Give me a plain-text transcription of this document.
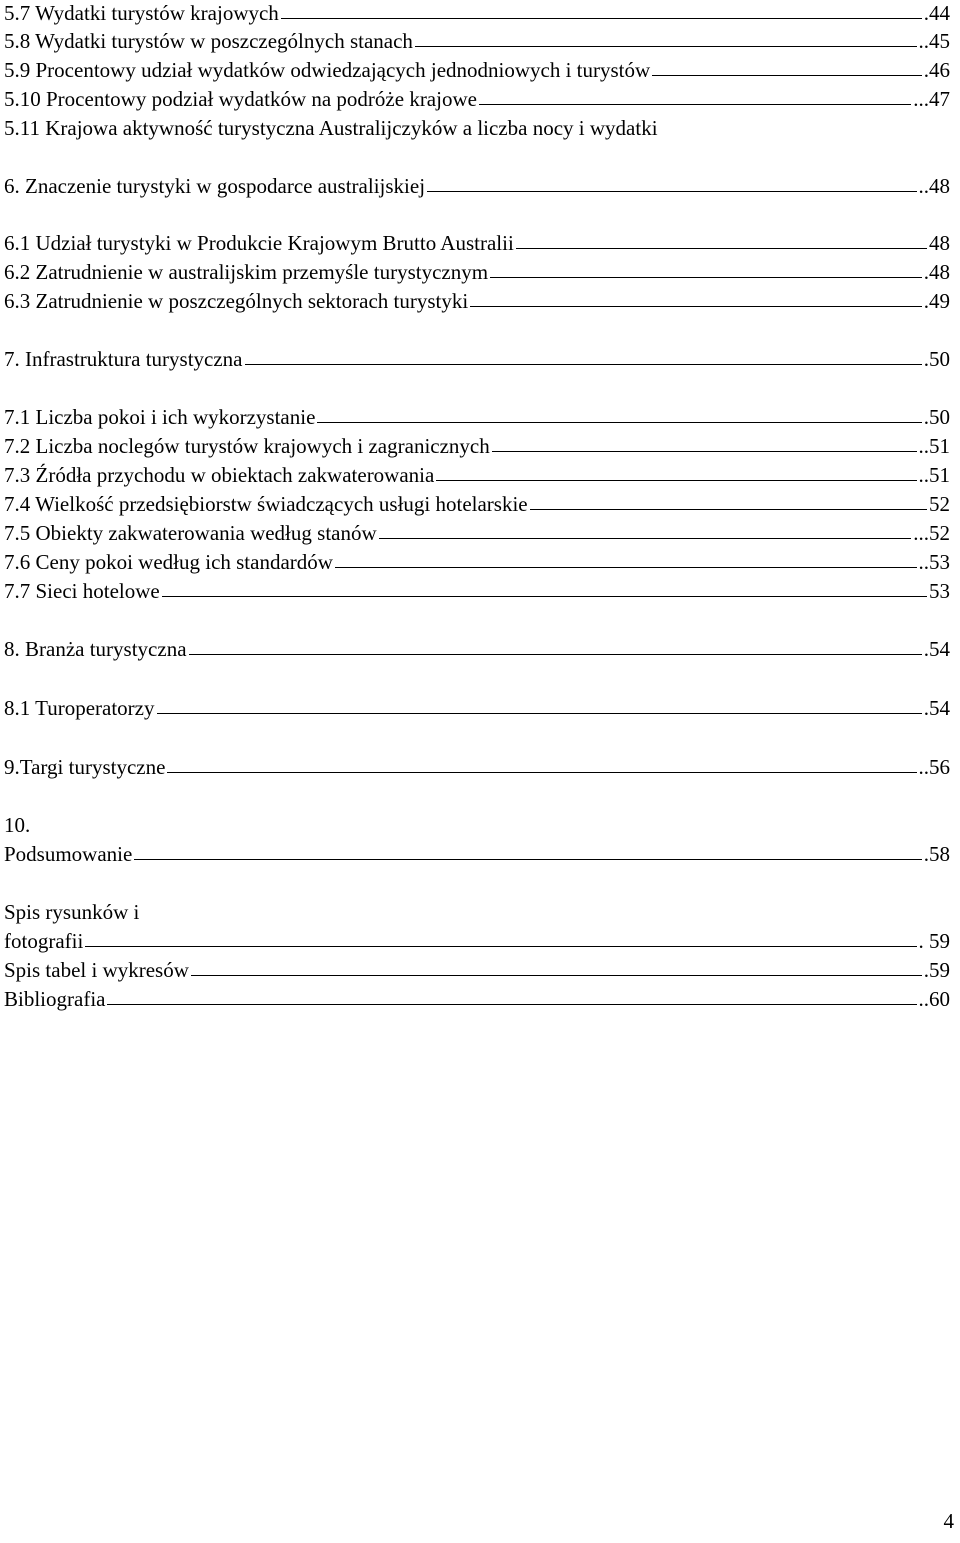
5.7 Wydatki turystów krajowych	.44
5.8 Wydatki turystów w poszczególnych stanach	..45
5.9 Procentowy udział wydatków odwiedzających jednodniowych i turystów	.46
5.10 Procentowy podział wydatków na podróże krajowe	...47
5.11 Krajowa aktywność turystyczna Australijczyków a liczba nocy i wydatki
6. Znaczenie turystyki w gospodarce australijskiej	..48
6.1 Udział turystyki w Produkcie Krajowym Brutto Australii	48
6.2 Zatrudnienie w australijskim przemyśle turystycznym	.48
6.3 Zatrudnienie w poszczególnych sektorach turystyki	.49
7. Infrastruktura turystyczna	.50
7.1 Liczba pokoi i ich wykorzystanie	.50
7.2 Liczba noclegów turystów krajowych i zagranicznych	..51
7.3 Źródła przychodu w obiektach zakwaterowania	..51
7.4 Wielkość przedsiębiorstw świadczących usługi hotelarskie	52
7.5 Obiekty zakwaterowania według stanów	...52
7.6 Ceny pokoi według ich standardów	..53
7.7 Sieci hotelowe	53
8. Branża turystyczna	.54
8.1 Turoperatorzy	.54
9.Targi turystyczne	..56
10.
Podsumowanie	.58
Spis rysunków i
fotografii	. 59
Spis tabel i wykresów	.59
Bibliografia	..60
4
